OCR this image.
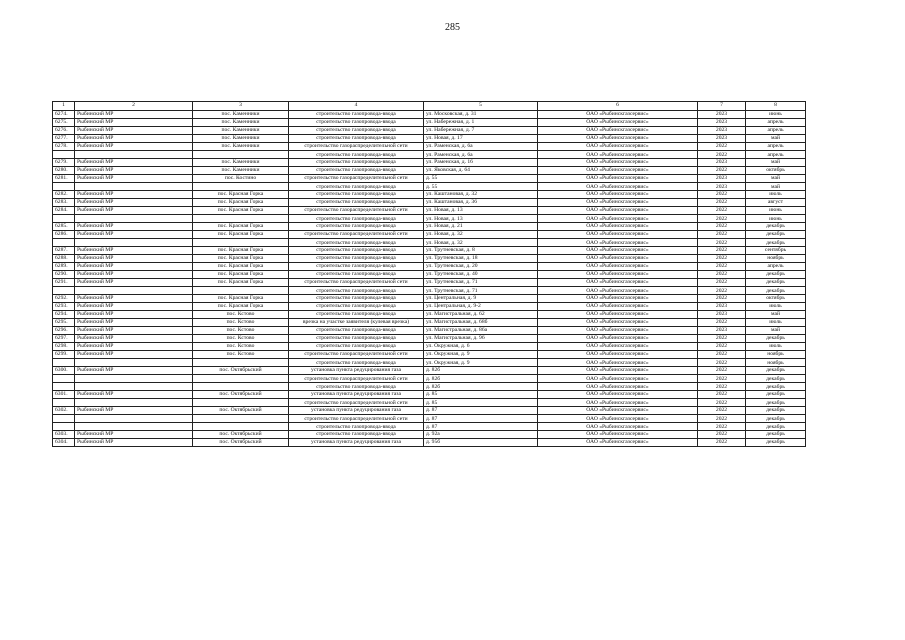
285
1	2	3	4	5	6	7	8
6274.	Рыбинский МР	пос. Каменники	строительство газопровода-ввода	ул. Московская, д. 31	ОАО «Рыбинскгазсервис»	2023	июнь
6275.	Рыбинский МР	пос. Каменники	строительство газопровода-ввода	ул. Набережная, д. 1	ОАО «Рыбинскгазсервис»	2023	апрель
6276.	Рыбинский МР	пос. Каменники	строительство газопровода-ввода	ул. Набережная, д. 7	ОАО «Рыбинскгазсервис»	2023	апрель
6277.	Рыбинский МР	пос. Каменники	строительство газопровода-ввода	ул. Новая, д. 17	ОАО «Рыбинскгазсервис»	2023	май
6278.	Рыбинский МР	пос. Каменники	строительство газораспределительной сети	ул. Раменская, д. 6а	ОАО «Рыбинскгазсервис»	2022	апрель
			строительство газопровода-ввода	ул. Раменская, д. 6а	ОАО «Рыбинскгазсервис»	2022	апрель
6279.	Рыбинский МР	пос. Каменники	строительство газопровода-ввода	ул. Раменская, д. 16	ОАО «Рыбинскгазсервис»	2023	май
6280.	Рыбинский МР	пос. Каменники	строительство газопровода-ввода	ул. Яковская, д. 64	ОАО «Рыбинскгазсервис»	2022	октябрь
6281.	Рыбинский МР	пос. Костино	строительство газораспределительной сети	д. 55	ОАО «Рыбинскгазсервис»	2023	май
			строительство газопровода-ввода	д. 55	ОАО «Рыбинскгазсервис»	2023	май
6282.	Рыбинский МР	пос. Красная Горка	строительство газопровода-ввода	ул. Каштановая, д. 32	ОАО «Рыбинскгазсервис»	2022	июль
6283.	Рыбинский МР	пос. Красная Горка	строительство газопровода-ввода	ул. Каштановая, д. 36	ОАО «Рыбинскгазсервис»	2022	август
6284.	Рыбинский МР	пос. Красная Горка	строительство газораспределительной сети	ул. Новая, д. 13	ОАО «Рыбинскгазсервис»	2022	июнь
			строительство газопровода-ввода	ул. Новая, д. 13	ОАО «Рыбинскгазсервис»	2022	июнь
6285.	Рыбинский МР	пос. Красная Горка	строительство газопровода-ввода	ул. Новая, д. 21	ОАО «Рыбинскгазсервис»	2022	декабрь
6286.	Рыбинский МР	пос. Красная Горка	строительство газораспределительной сети	ул. Новая, д. 32	ОАО «Рыбинскгазсервис»	2022	декабрь
			строительство газопровода-ввода	ул. Новая, д. 32	ОАО «Рыбинскгазсервис»	2022	декабрь
6287.	Рыбинский МР	пос. Красная Горка	строительство газопровода-ввода	ул. Трутневская, д. 8	ОАО «Рыбинскгазсервис»	2022	сентябрь
6288.	Рыбинский МР	пос. Красная Горка	строительство газопровода-ввода	ул. Трутневская, д. 18	ОАО «Рыбинскгазсервис»	2022	ноябрь
6289.	Рыбинский МР	пос. Красная Горка	строительство газопровода-ввода	ул. Трутневская, д. 20	ОАО «Рыбинскгазсервис»	2022	апрель
6290.	Рыбинский МР	пос. Красная Горка	строительство газопровода-ввода	ул. Трутневская, д. 40	ОАО «Рыбинскгазсервис»	2022	декабрь
6291.	Рыбинский МР	пос. Красная Горка	строительство газораспределительной сети	ул. Трутневская, д. 71	ОАО «Рыбинскгазсервис»	2022	декабрь
			строительство газопровода-ввода	ул. Трутневская, д. 71	ОАО «Рыбинскгазсервис»	2022	декабрь
6292.	Рыбинский МР	пос. Красная Горка	строительство газопровода-ввода	ул. Центральная, д. 9	ОАО «Рыбинскгазсервис»	2022	октябрь
6293.	Рыбинский МР	пос. Красная Горка	строительство газопровода-ввода	ул. Центральная, д. 9-2	ОАО «Рыбинскгазсервис»	2023	июль
6294.	Рыбинский МР	пос. Кстово	строительство газопровода-ввода	ул. Магистральная, д. 62	ОАО «Рыбинскгазсервис»	2023	май
6295.	Рыбинский МР	пос. Кстово	врезка на участке заявителя (кулевая врезка)	ул. Магистральная, д. 68б	ОАО «Рыбинскгазсервис»	2022	июль
6296.	Рыбинский МР	пос. Кстово	строительство газопровода-ввода	ул. Магистральная, д. 86а	ОАО «Рыбинскгазсервис»	2023	май
6297.	Рыбинский МР	пос. Кстово	строительство газопровода-ввода	ул. Магистральная, д. 96	ОАО «Рыбинскгазсервис»	2022	декабрь
6298.	Рыбинский МР	пос. Кстово	строительство газопровода-ввода	ул. Окружная, д. 6	ОАО «Рыбинскгазсервис»	2022	июль
6299.	Рыбинский МР	пос. Кстово	строительство газораспределительной сети	ул. Окружная, д. 9	ОАО «Рыбинскгазсервис»	2022	ноябрь
			строительство газопровода-ввода	ул. Окружная, д. 9	ОАО «Рыбинскгазсервис»	2022	ноябрь
6300.	Рыбинский МР	пос. Октябрьский	установка пункта редуцирования газа	д. 82б	ОАО «Рыбинскгазсервис»	2022	декабрь
			строительство газораспределительной сети	д. 82б	ОАО «Рыбинскгазсервис»	2022	декабрь
			строительство газопровода-ввода	д. 82б	ОАО «Рыбинскгазсервис»	2022	декабрь
6301.	Рыбинский МР	пос. Октябрьский	установка пункта редуцирования газа	д. 85	ОАО «Рыбинскгазсервис»	2022	декабрь
			строительство газораспределительной сети	д. 85	ОАО «Рыбинскгазсервис»	2022	декабрь
6302.	Рыбинский МР	пос. Октябрьский	установка пункта редуцирования газа	д. 87	ОАО «Рыбинскгазсервис»	2022	декабрь
			строительство газораспределительной сети	д. 87	ОАО «Рыбинскгазсервис»	2022	декабрь
			строительство газопровода-ввода	д. 87	ОАО «Рыбинскгазсервис»	2022	декабрь
6303.	Рыбинский МР	пос. Октябрьский	строительство газопровода-ввода	д. 92а	ОАО «Рыбинскгазсервис»	2022	декабрь
6304.	Рыбинский МР	пос. Октябрьский	установка пункта редуцирования газа	д. 95б	ОАО «Рыбинскгазсервис»	2022	декабрь
